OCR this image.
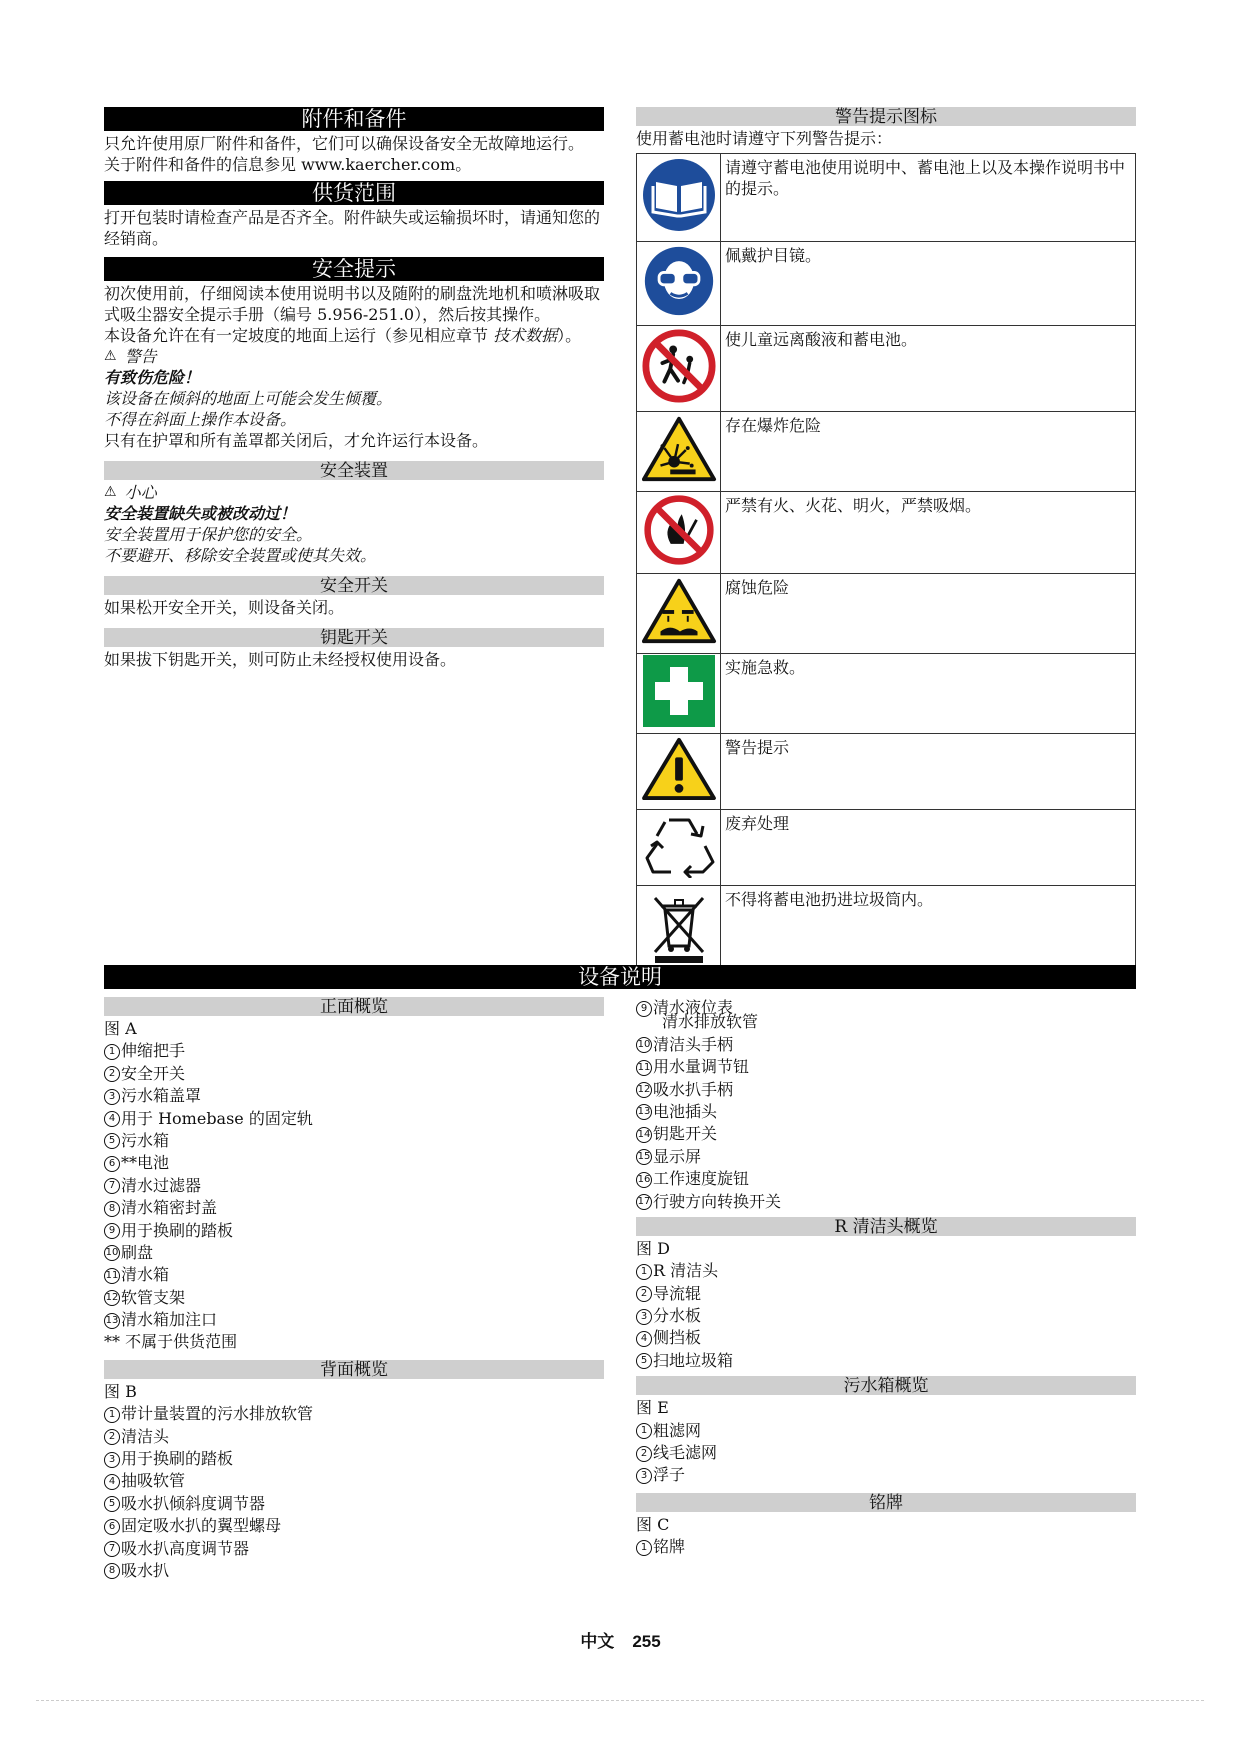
附件和备件

只允许使用原厂附件和备件，它们可以确保设备安全无故障地运行。

关于附件和备件的信息参见 www.kaercher.com。

供货范围

打开包装时请检查产品是否齐全。附件缺失或运输损坏时，请通知您的经销商。

安全提示

初次使用前，仔细阅读本使用说明书以及随附的刷盘洗地机和喷淋吸取式吸尘器安全提示手册（编号 5.956-251.0），然后按其操作。

本设备允许在有一定坡度的地面上运行（参见相应章节 技术数据）。

⚠ 警告

有致伤危险！

该设备在倾斜的地面上可能会发生倾覆。

不得在斜面上操作本设备。

只有在护罩和所有盖罩都关闭后，才允许运行本设备。

安全装置
⚠ 小心

安全装置缺失或被改动过！

安全装置用于保护您的安全。

不要避开、移除安全装置或使其失效。

安全开关

如果松开安全开关，则设备关闭。

钥匙开关

如果拔下钥匙开关，则可防止未经授权使用设备。

警告提示图标

使用蓄电池时请遵守下列警告提示：

	请遵守蓄电池使用说明中、蓄电池上以及本操作说明书中的提示。
	佩戴护目镜。
	使儿童远离酸液和蓄电池。
	存在爆炸危险
	严禁有火、火花、明火，严禁吸烟。
	腐蚀危险
	实施急救。
	警告提示
	废弃处理
	不得将蓄电池扔进垃圾筒内。
设备说明
正面概览
图 A
1 伸缩把手
2 安全开关
3 污水箱盖罩
4 用于 Homebase 的固定轨
5 污水箱
6 **电池
7 清水过滤器
8 清水箱密封盖
9 用于换刷的踏板
10 刷盘
11 清水箱
12 软管支架
13 清水箱加注口
** 不属于供货范围
背面概览
图 B
1 带计量装置的污水排放软管
2 清洁头
3 用于换刷的踏板
4 抽吸软管
5 吸水扒倾斜度调节器
6 固定吸水扒的翼型螺母
7 吸水扒高度调节器
8 吸水扒
9 清水液位表
清水排放软管
10 清洁头手柄
11 用水量调节钮
12 吸水扒手柄
13 电池插头
14 钥匙开关
15 显示屏
16 工作速度旋钮
17 行驶方向转换开关
R 清洁头概览
图 D
1 R 清洁头
2 导流辊
3 分水板
4 侧挡板
5 扫地垃圾箱
污水箱概览
图 E
1 粗滤网
2 线毛滤网
3 浮子
铭牌
图 C
1 铭牌
中文 255
